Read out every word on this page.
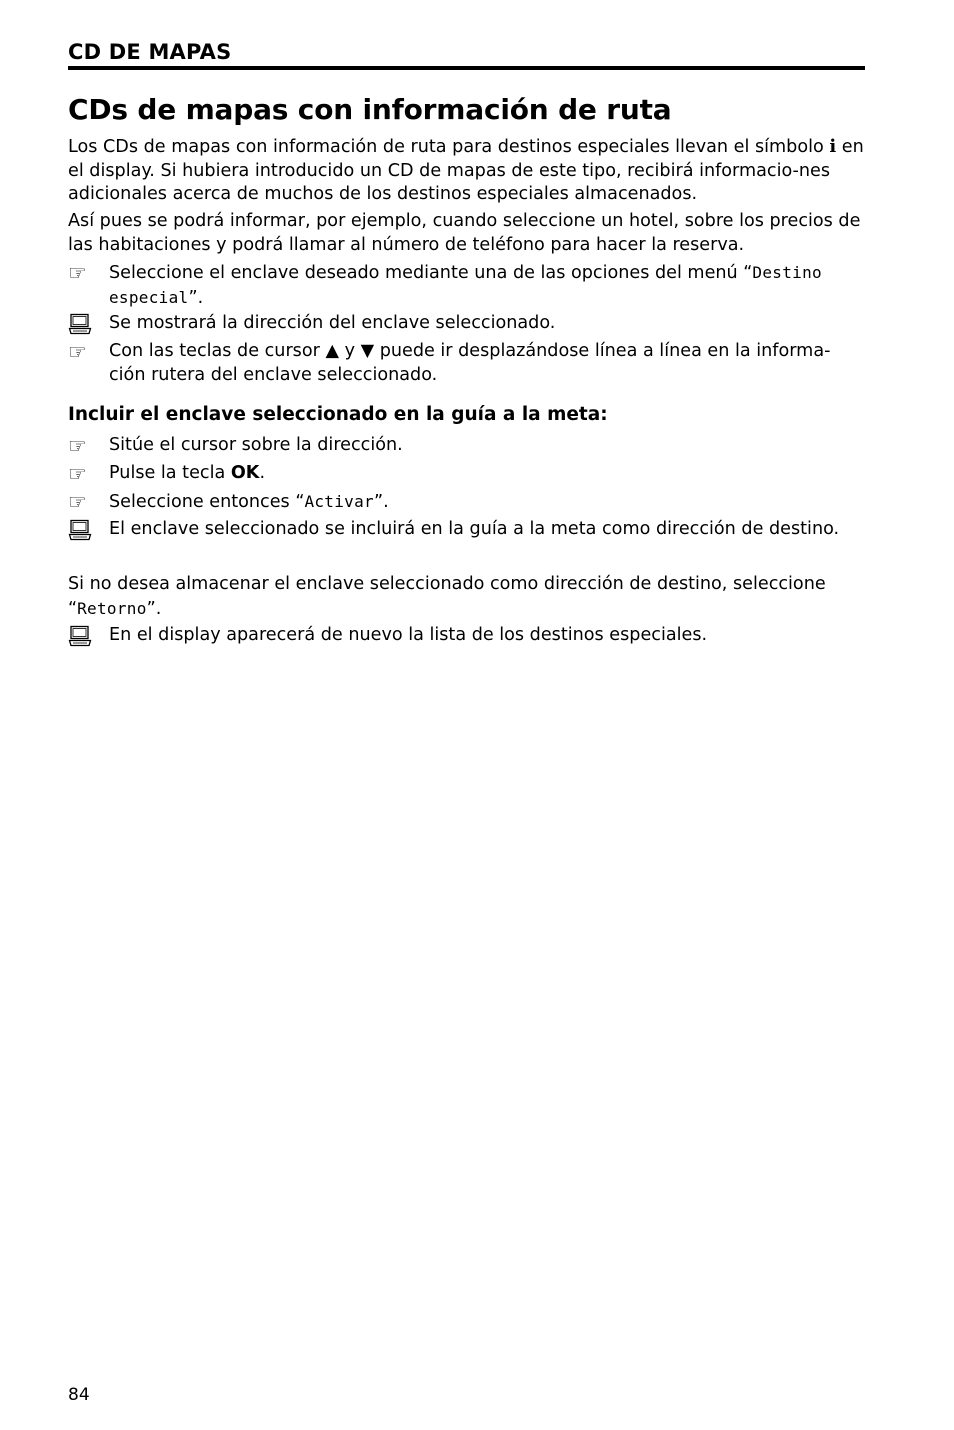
CD DE MAPAS
CDs de mapas con información de ruta

Los CDs de mapas con información de ruta para destinos especiales llevan el símbolo i en el display. Si hubiera introducido un CD de mapas de este tipo, recibirá informacio-nes adicionales acerca de muchos de los destinos especiales almacenados.

Así pues se podrá informar, por ejemplo, cuando seleccione un hotel, sobre los precios de las habitaciones y podrá llamar al número de teléfono para hacer la reserva.

☞ Seleccione el enclave deseado mediante una de las opciones del menú “Destino especial”.
Se mostrará la dirección del enclave seleccionado.
☞ Con las teclas de cursor ▲ y ▼ puede ir desplazándose línea a línea en la informa-ción rutera del enclave seleccionado.
Incluir el enclave seleccionado en la guía a la meta:
☞ Sitúe el cursor sobre la dirección.
☞ Pulse la tecla OK.
☞ Seleccione entonces “Activar”.
El enclave seleccionado se incluirá en la guía a la meta como dirección de destino.

Si no desea almacenar el enclave seleccionado como dirección de destino, seleccione “Retorno”.

En el display aparecerá de nuevo la lista de los destinos especiales.
84
